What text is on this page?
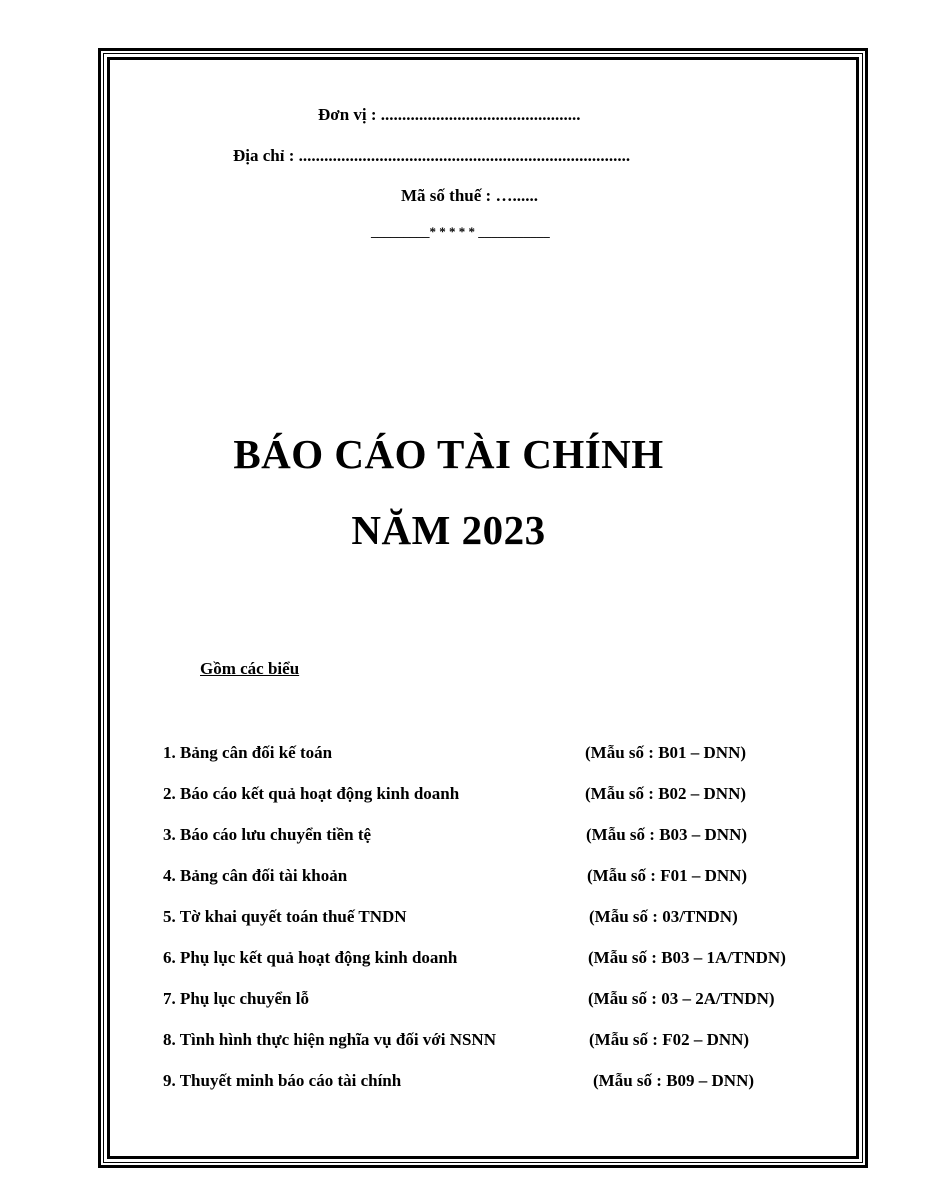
Đơn vị : ...............................................
Địa chỉ : ..............................................................................
Mã số thuế : …......
_________* * * * * ___________
BÁO CÁO TÀI CHÍNH
NĂM 2023
Gồm các biểu
1. Bảng cân đối kế toán	(Mẫu số : B01 – DNN)
2. Báo cáo kết quả hoạt động kinh doanh	(Mẫu số : B02 – DNN)
3. Báo cáo lưu chuyển tiền tệ	(Mẫu số : B03 – DNN)
4. Bảng cân đối tài khoản	(Mẫu số : F01 – DNN)
5. Tờ khai quyết toán thuế TNDN	(Mẫu số : 03/TNDN)
6. Phụ lục kết quả hoạt động kinh doanh	(Mẫu số : B03 – 1A/TNDN)
7. Phụ lục chuyển lỗ	(Mẫu số : 03 – 2A/TNDN)
8. Tình hình thực hiện nghĩa vụ đối với NSNN	(Mẫu số : F02 – DNN)
9. Thuyết minh báo cáo tài chính	(Mẫu số : B09 – DNN)
